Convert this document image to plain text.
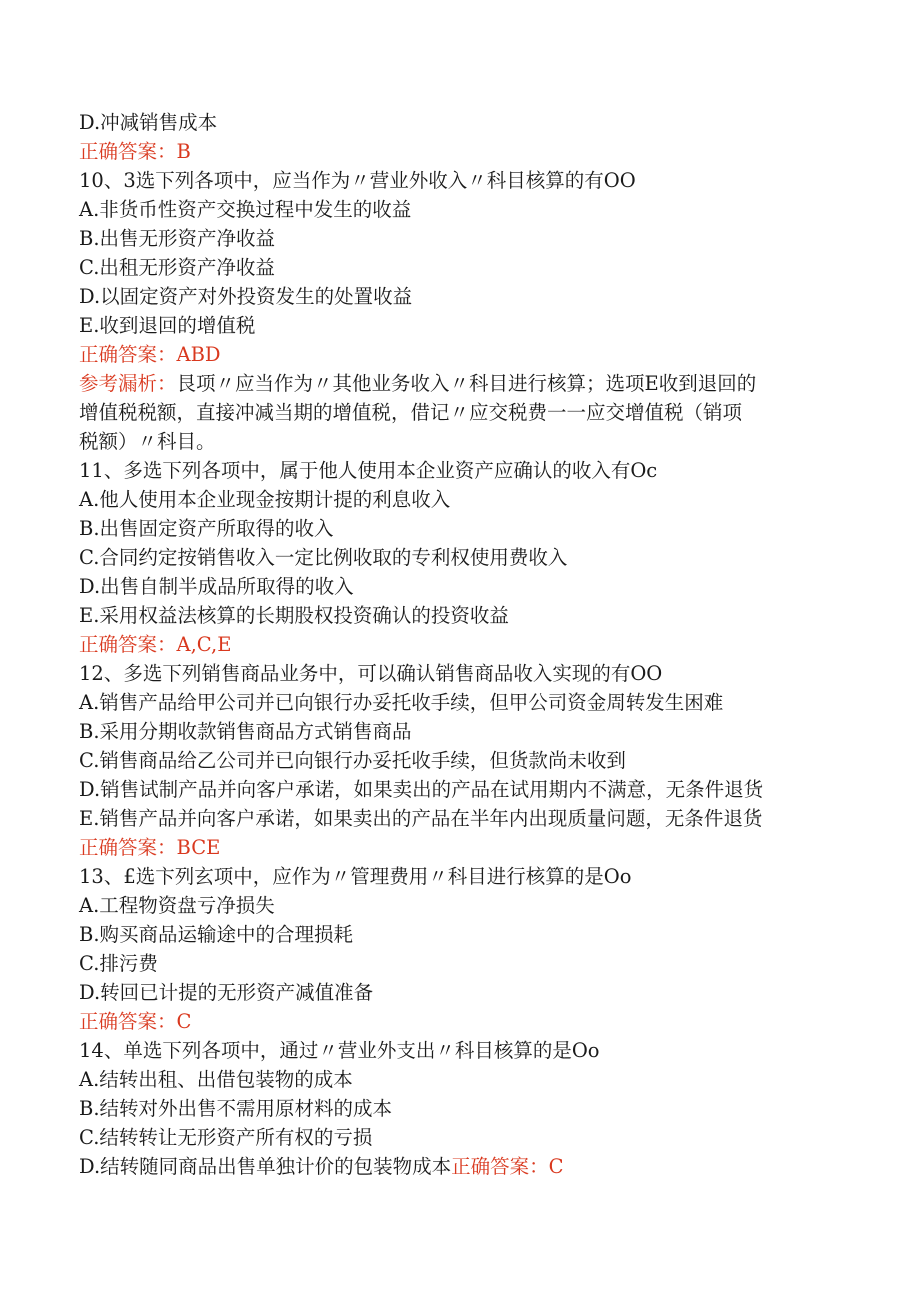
D.冲减销售成本
正确答案：B
10、3选下列各项中，应当作为〃营业外收入〃科目核算的有OO
A.非货币性资产交换过程中发生的收益
B.出售无形资产净收益
C.出租无形资产净收益
D.以固定资产对外投资发生的处置收益
E.收到退回的增值税
正确答案：ABD
参考漏析：艮项〃应当作为〃其他业务收入〃科目进行核算；选项E收到退回的
增值税税额，直接冲减当期的增值税，借记〃应交税费一一应交增值税（销项
税额）〃科目。
11、多选下列各项中，属于他人使用本企业资产应确认的收入有Oc
A.他人使用本企业现金按期计提的利息收入
B.出售固定资产所取得的收入
C.合同约定按销售收入一定比例收取的专利权使用费收入
D.出售自制半成品所取得的收入
E.采用权益法核算的长期股权投资确认的投资收益
正确答案：A,C,E
12、多选下列销售商品业务中，可以确认销售商品收入实现的有OO
A.销售产品给甲公司并已向银行办妥托收手续，但甲公司资金周转发生困难
B.采用分期收款销售商品方式销售商品
C.销售商品给乙公司并已向银行办妥托收手续，但货款尚未收到
D.销售试制产品并向客户承诺，如果卖出的产品在试用期内不满意，无条件退货
E.销售产品并向客户承诺，如果卖出的产品在半年内出现质量问题，无条件退货
正确答案：BCE
13、£选卞列玄项中，应作为〃管理费用〃科目进行核算的是Oo
A.工程物资盘亏净损失
B.购买商品运输途中的合理损耗
C.排污费
D.转回已计提的无形资产减值准备
正确答案：C
14、单选下列各项中，通过〃营业外支出〃科目核算的是Oo
A.结转出租、出借包装物的成本
B.结转对外出售不需用原材料的成本
C.结转转让无形资产所有权的亏损
D.结转随同商品出售单独计价的包装物成本正确答案：C
